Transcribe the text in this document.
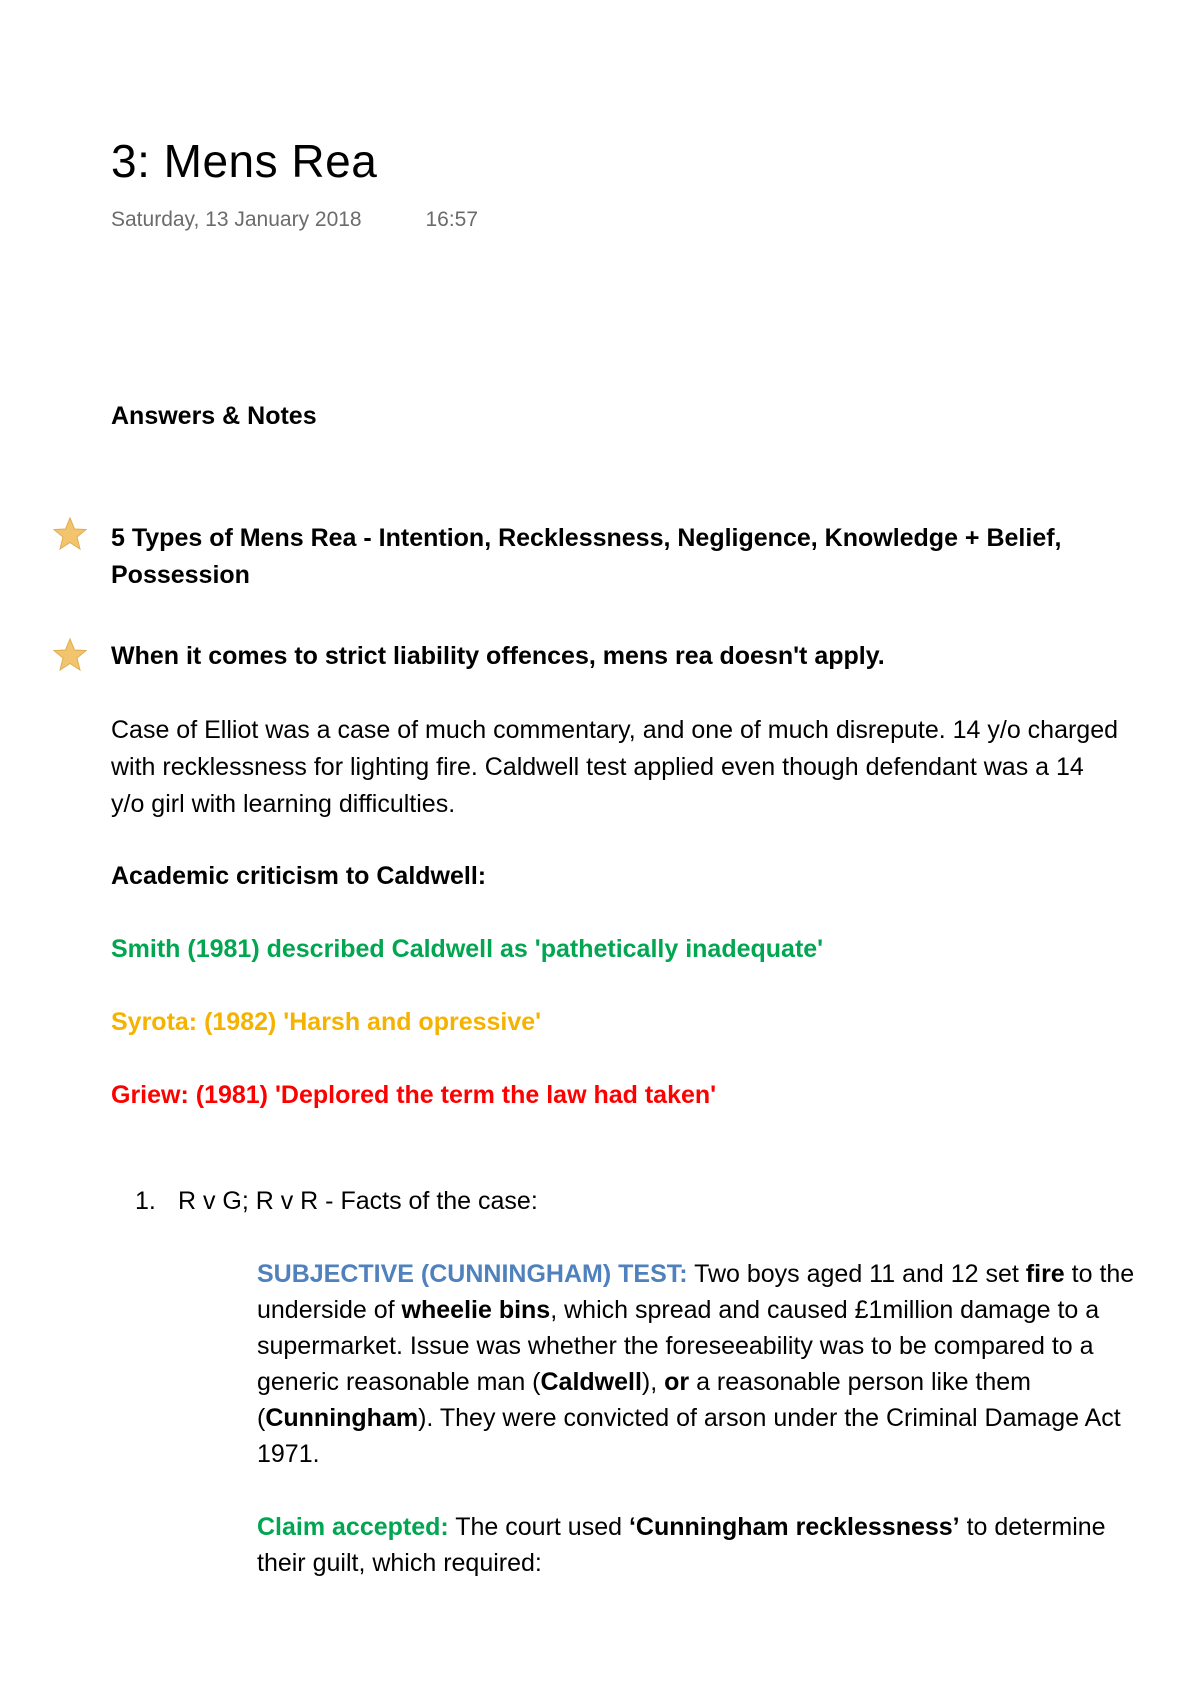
3: Mens Rea
Saturday, 13 January 2018	16:57
Answers & Notes
5 Types of Mens Rea - Intention, Recklessness, Negligence, Knowledge + Belief, Possession
When it comes to strict liability offences, mens rea doesn't apply.
Case of Elliot was a case of much commentary, and one of much disrepute. 14 y/o charged with recklessness for lighting fire. Caldwell test applied even though defendant was a 14 y/o girl with learning difficulties.
Academic criticism to Caldwell:
Smith (1981) described Caldwell as 'pathetically inadequate'
Syrota: (1982) 'Harsh and opressive'
Griew: (1981) 'Deplored the term the law had taken'
1. R v G; R v R - Facts of the case:
SUBJECTIVE (CUNNINGHAM) TEST: Two boys aged 11 and 12 set fire to the underside of wheelie bins, which spread and caused £1million damage to a supermarket. Issue was whether the foreseeability was to be compared to a generic reasonable man (Caldwell), or a reasonable person like them (Cunningham). They were convicted of arson under the Criminal Damage Act 1971.
Claim accepted: The court used ‘Cunningham recklessness’ to determine their guilt, which required:
